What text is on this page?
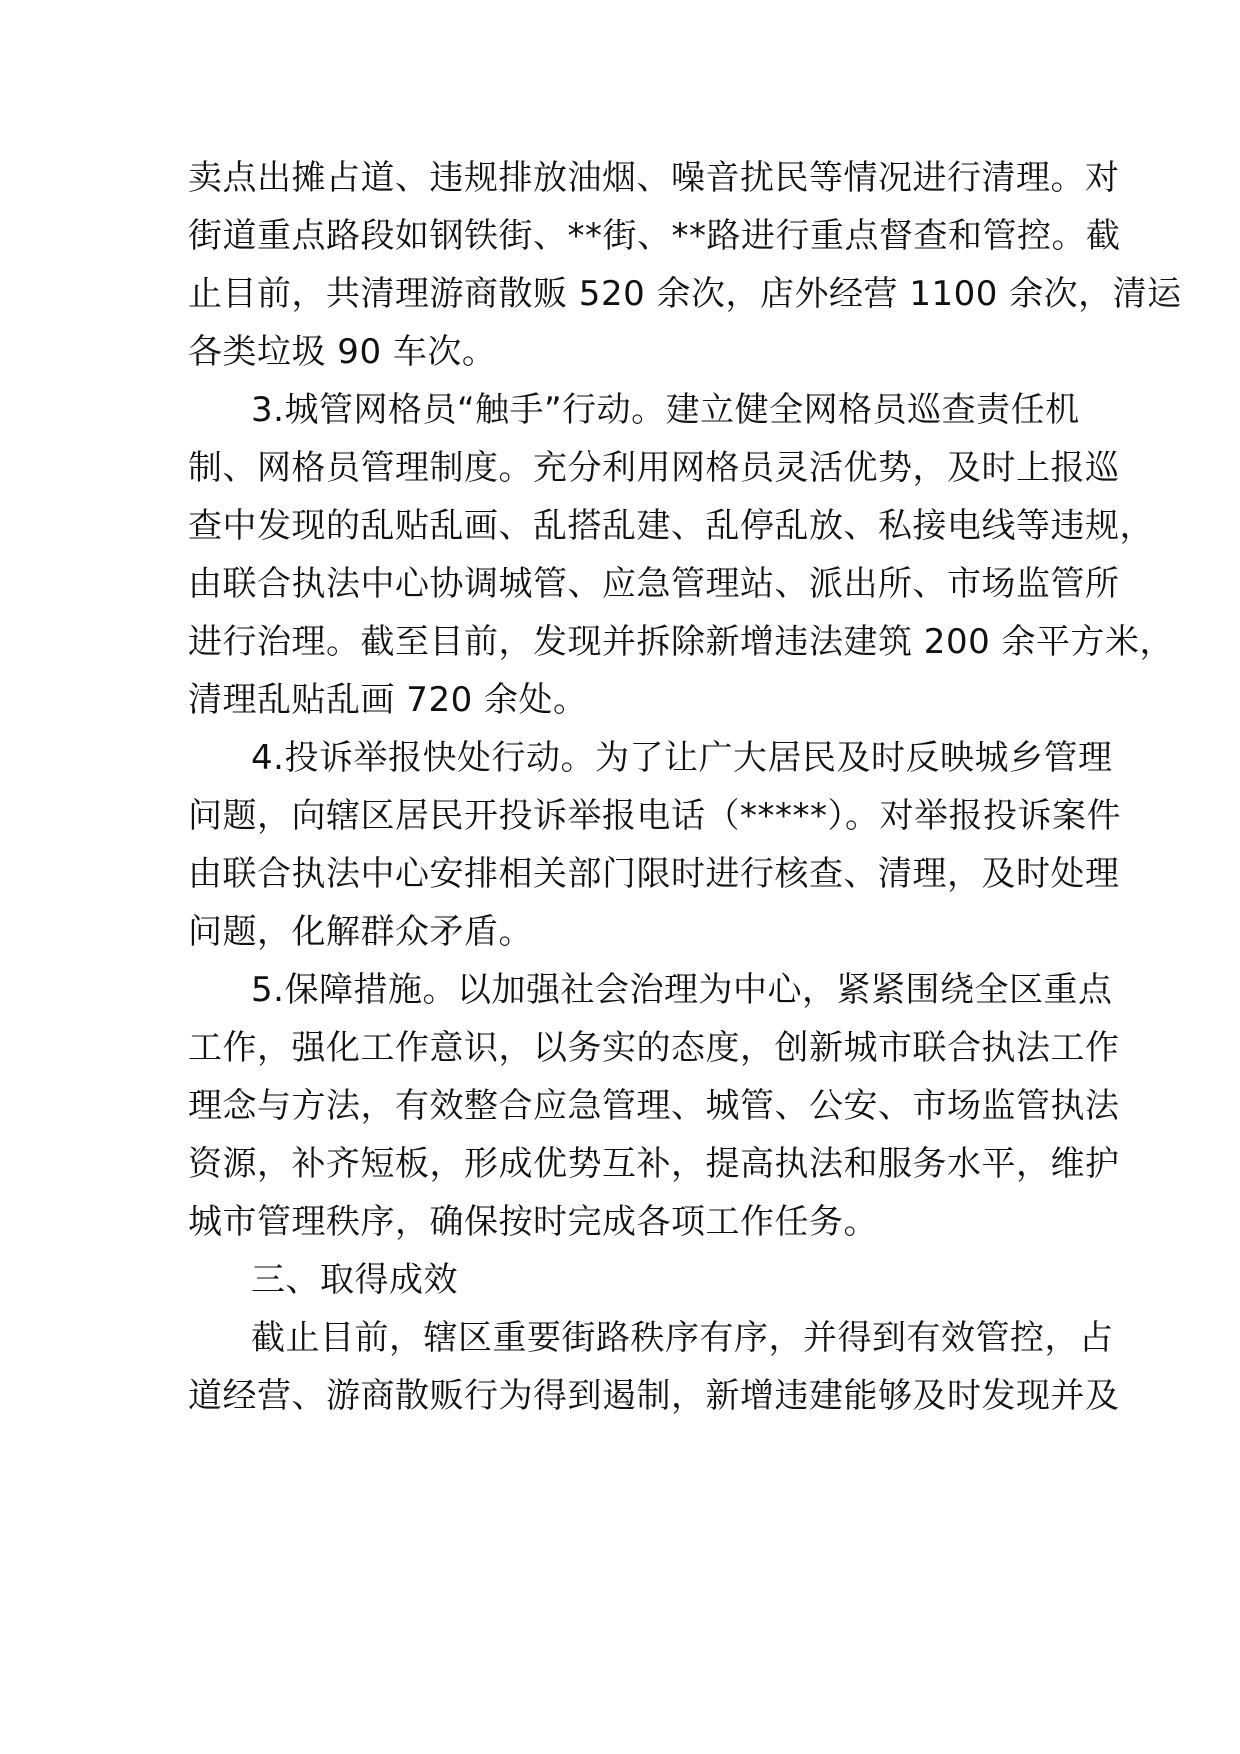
卖点出摊占道、违规排放油烟、噪音扰民等情况进行清理。对
街道重点路段如钢铁街、**街、**路进行重点督查和管控。截
止目前，共清理游商散贩 520 余次，店外经营 1100 余次，清运
各类垃圾 90 车次。
3.城管网格员“触手”行动。建立健全网格员巡查责任机
制、网格员管理制度。充分利用网格员灵活优势，及时上报巡
查中发现的乱贴乱画、乱搭乱建、乱停乱放、私接电线等违规，
由联合执法中心协调城管、应急管理站、派出所、市场监管所
进行治理。截至目前，发现并拆除新增违法建筑 200 余平方米，
清理乱贴乱画 720 余处。
4.投诉举报快处行动。为了让广大居民及时反映城乡管理
问题，向辖区居民开投诉举报电话（*****）。对举报投诉案件
由联合执法中心安排相关部门限时进行核查、清理，及时处理
问题，化解群众矛盾。
5.保障措施。以加强社会治理为中心，紧紧围绕全区重点
工作，强化工作意识，以务实的态度，创新城市联合执法工作
理念与方法，有效整合应急管理、城管、公安、市场监管执法
资源，补齐短板，形成优势互补，提高执法和服务水平，维护
城市管理秩序，确保按时完成各项工作任务。
三、取得成效
截止目前，辖区重要街路秩序有序，并得到有效管控，占
道经营、游商散贩行为得到遏制，新增违建能够及时发现并及
